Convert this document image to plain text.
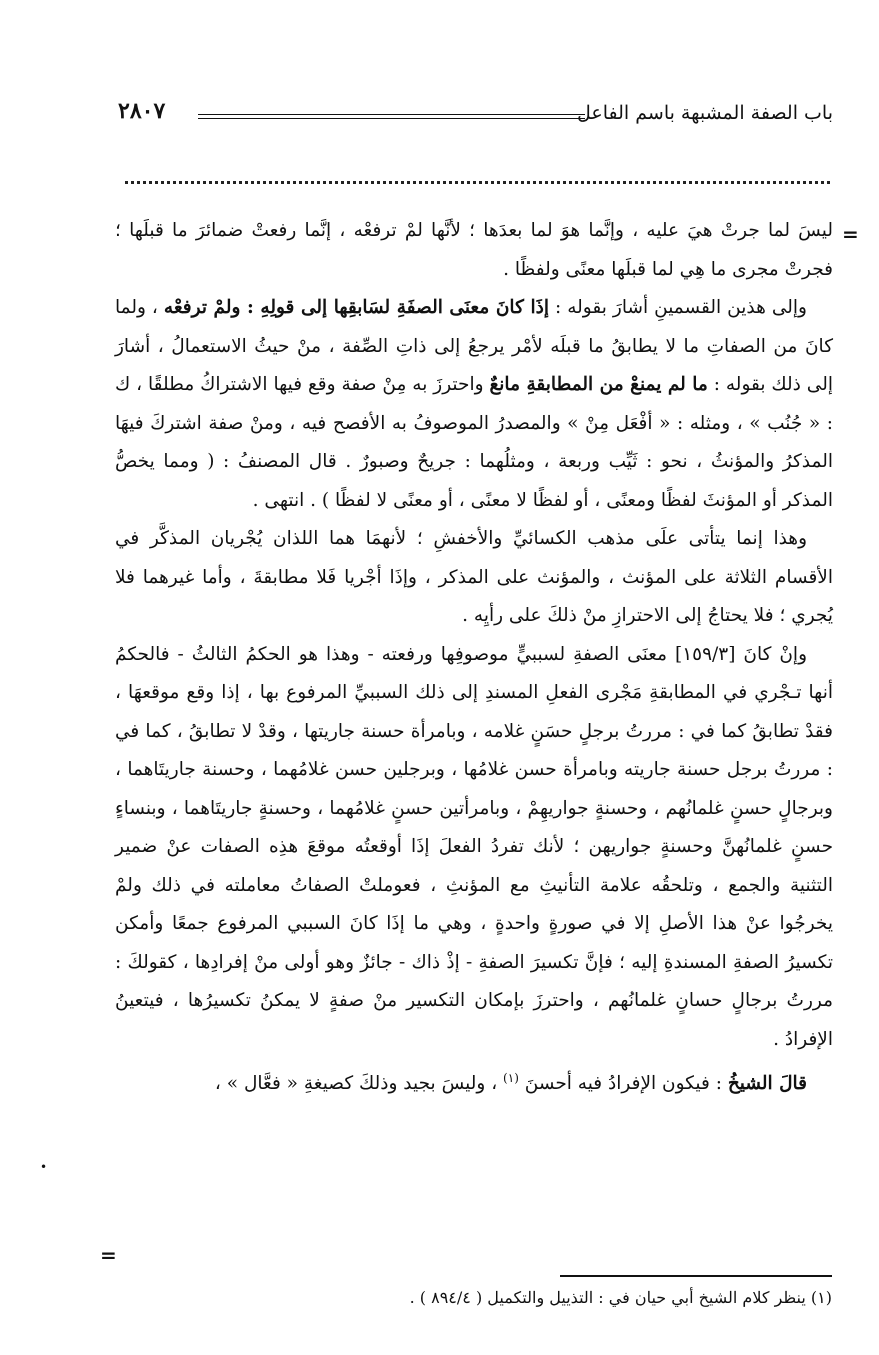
باب الصفة المشبهة باسم الفاعل
٢٨٠٧
=

ليسَ لما جرتْ هيَ عليه ، وإنَّما هوَ لما بعدَها ؛ لأنَّها لمْ ترفعْه ، إنَّما رفعتْ ضمائرَ ما قبلَها ؛ فجرتْ مجرى ما هِي لما قبلَها معنًى ولفظًا .

وإلى هذين القسمينِ أشارَ بقوله : إذَا كانَ معنَى الصفَةِ لسَابقِها إلى قولِهِ : ولمْ ترفعْه ، ولما كانَ من الصفاتِ ما لا يطابقُ ما قبلَه لأمْر يرجعُ إلى ذاتِ الصِّفة ، منْ حيثُ الاستعمالُ ، أشارَ إلى ذلك بقوله : ما لم يمنعْ من المطابقةِ مانعٌ واحترزَ به مِنْ صفة وقع فيها الاشتراكُ مطلقًا ، ك : « جُنُب » ، ومثله : « أفْعَل مِنْ » والمصدرُ الموصوفُ به الأفصح فيه ، ومنْ صفة اشتركَ فيهَا المذكرُ والمؤنثُ ، نحو : ثَيِّب وربعة ، ومثلُهما : جريحٌ وصبورٌ . قال المصنفُ : ( ومما يخصُّ المذكر أو المؤنثَ لفظًا ومعنًى ، أو لفظًا لا معنًى ، أو معنًى لا لفظًا ) . انتهى .

وهذا إنما يتأتى علَى مذهب الكسائيِّ والأخفشِ ؛ لأنهمَا هما اللذان يُجْريان المذكَّر في الأقسام الثلاثة على المؤنث ، والمؤنث على المذكر ، وإذَا أجْريا فَلا مطابقةَ ، وأما غيرهما فلا يُجري ؛ فلا يحتاجُ إلى الاحترازِ منْ ذلكَ على رأيِه .

وإنْ كانَ [١٥٩/٣] معنَى الصفةِ لسببيٍّ موصوفِها ورفعته - وهذا هو الحكمُ الثالثُ - فالحكمُ أنها تـجْري في المطابقةِ مَجْرى الفعلِ المسندِ إلى ذلك السببيِّ المرفوع بها ، إذا وقع موقعهَا ، فقدْ تطابقُ كما في : مررتُ برجلٍ حسَنٍ غلامه ، وبامرأة حسنة جاريتها ، وقدْ لا تطابقُ ، كما في : مررتُ برجل حسنة جاريته وبامرأة حسن غلامُها ، وبرجلين حسن غلامُهما ، وحسنة جاريتَاهما ، وبرجالٍ حسنٍ غلمانُهم ، وحسنةٍ جواريهِمْ ، وبامرأتين حسنٍ غلامُهما ، وحسنةٍ جاريتَاهما ، وبنساءٍ حسنٍ غلمانُهنَّ وحسنةٍ جواريهن ؛ لأنك تفردُ الفعلَ إذَا أوقعتُه موقعَ هذِه الصفات عنْ ضمير التثنية والجمع ، وتلحقُه علامة التأنيثِ مع المؤنثِ ، فعوملتْ الصفاتُ معاملته في ذلك ولمْ يخرجُوا عنْ هذا الأصلِ إلا في صورةٍ واحدةٍ ، وهي ما إذَا كانَ السببي المرفوع جمعًا وأمكن تكسيرُ الصفةِ المسندةِ إليه ؛ فإنَّ تكسيرَ الصفةِ - إذْ ذاك - جائزٌ وهو أولى منْ إفرادِها ، كقولكَ : مررتُ برجالٍ حسانٍ غلمانُهم ، واحترزَ بإمكان التكسير منْ صفةٍ لا يمكنُ تكسيرُها ، فيتعينُ الإفرادُ .

قالَ الشيخُ : فيكون الإفرادُ فيه أحسنَ $^{(١)}$ ، وليسَ بجيد وذلكَ كصيغةِ « فعَّال » ،

=
•
(١) ينظر كلام الشيخ أبي حيان في : التذييل والتكميل ( ٨٩٤/٤ ) .
